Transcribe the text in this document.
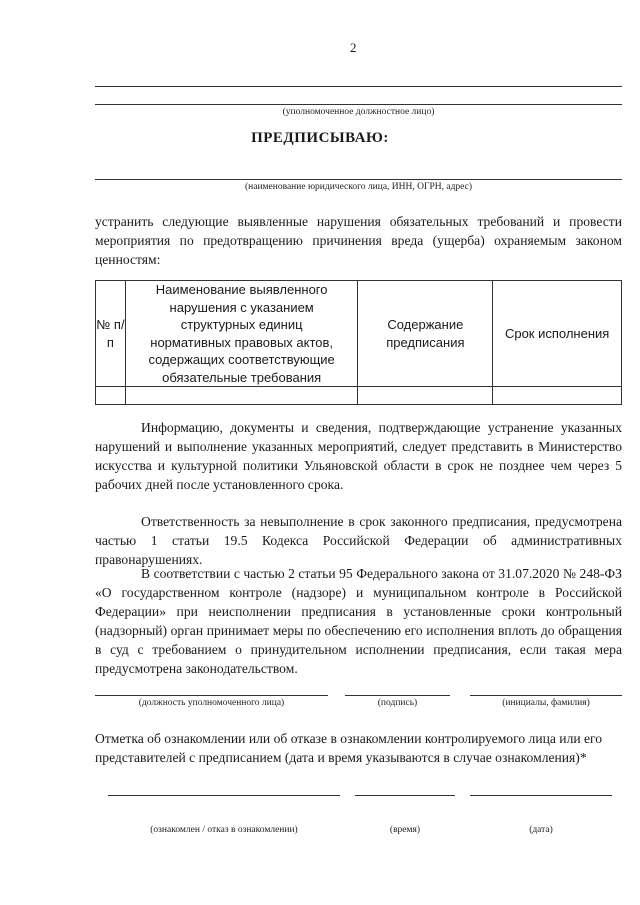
2
(уполномоченное должностное лицо)
ПРЕДПИСЫВАЮ:
(наименование юридического лица, ИНН, ОГРН, адрес)
устранить следующие выявленные нарушения обязательных требований и провести мероприятия по предотвращению причинения вреда (ущерба) охраняемым законом ценностям:
№ п/п	Наименование выявленного нарушения с указанием структурных единиц нормативных правовых актов, содержащих соответствующие обязательные требования	Содержание предписания	Срок исполнения

Информацию, документы и сведения, подтверждающие устранение указанных нарушений и выполнение указанных мероприятий, следует представить в Министерство искусства и культурной политики Ульяновской области в срок не позднее чем через 5 рабочих дней после установленного срока.
Ответственность за невыполнение в срок законного предписания, предусмотрена частью 1 статьи 19.5 Кодекса Российской Федерации об административных правонарушениях.
В соответствии с частью 2 статьи 95 Федерального закона от 31.07.2020 № 248-ФЗ «О государственном контроле (надзоре) и муниципальном контроле в Российской Федерации» при неисполнении предписания в установленные сроки контрольный (надзорный) орган принимает меры по обеспечению его исполнения вплоть до обращения в суд с требованием о принудительном исполнении предписания, если такая мера предусмотрена законодательством.
(должность уполномоченного лица)	(подпись)	(инициалы, фамилия)
Отметка об ознакомлении или об отказе в ознакомлении контролируемого лица или его представителей с предписанием (дата и время указываются в случае ознакомления)*
(ознакомлен / отказ в ознакомлении)	(время)	(дата)
